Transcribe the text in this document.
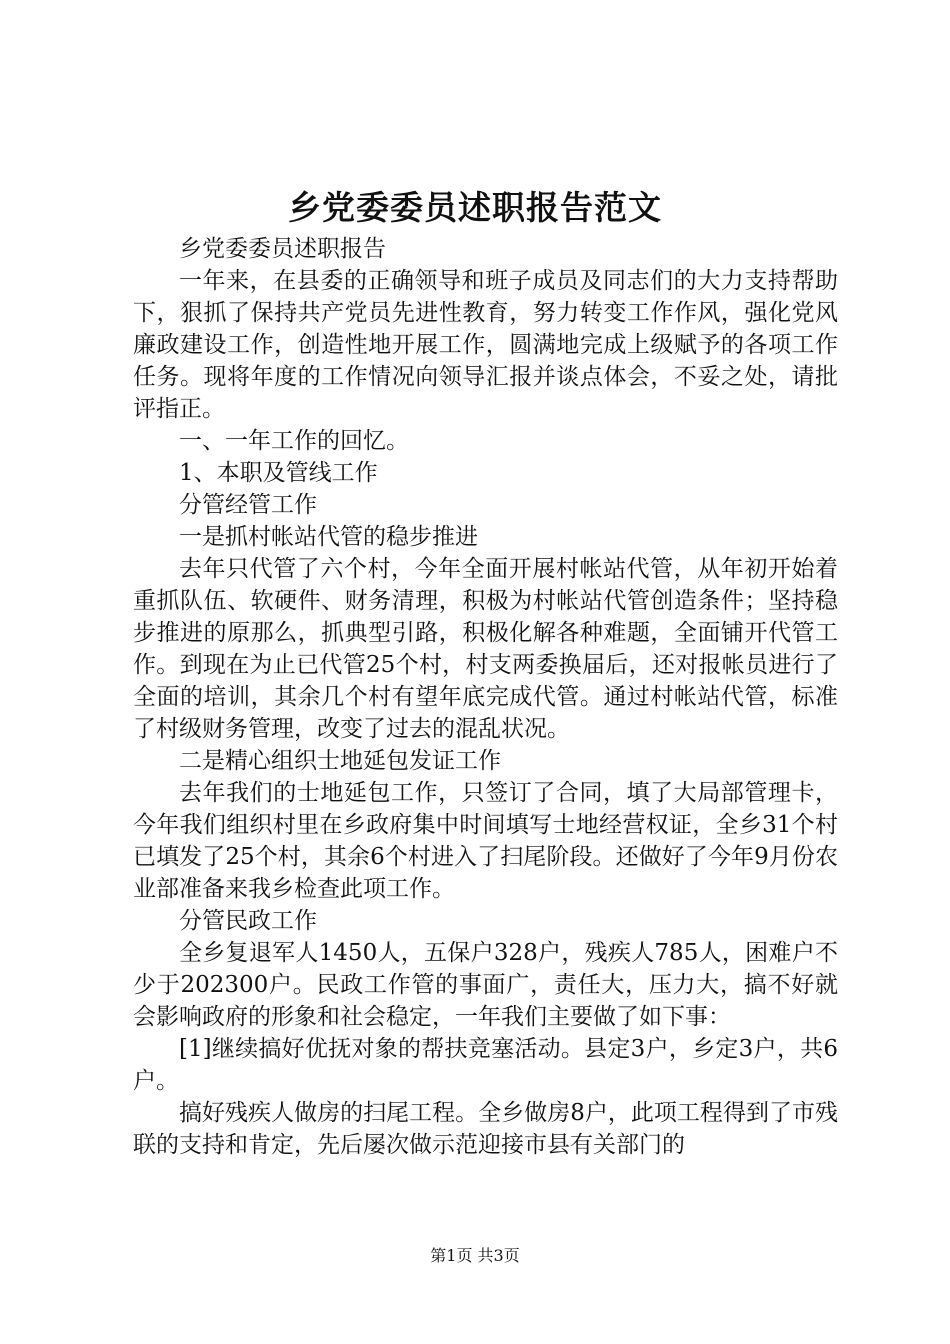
乡党委委员述职报告范文

乡党委委员述职报告

一年来，在县委的正确领导和班子成员及同志们的大力支持帮助下，狠抓了保持共产党员先进性教育，努力转变工作作风，强化党风廉政建设工作，创造性地开展工作，圆满地完成上级赋予的各项工作任务。现将年度的工作情况向领导汇报并谈点体会，不妥之处，请批评指正。

一、一年工作的回忆。

1、本职及管线工作

分管经管工作

一是抓村帐站代管的稳步推进

去年只代管了六个村，今年全面开展村帐站代管，从年初开始着重抓队伍、软硬件、财务清理，积极为村帐站代管创造条件；坚持稳步推进的原那么，抓典型引路，积极化解各种难题，全面铺开代管工作。到现在为止已代管25个村，村支两委换届后，还对报帐员进行了全面的培训，其余几个村有望年底完成代管。通过村帐站代管，标准了村级财务管理，改变了过去的混乱状况。

二是精心组织士地延包发证工作

去年我们的士地延包工作，只签订了合同，填了大局部管理卡，今年我们组织村里在乡政府集中时间填写士地经营权证，全乡31个村已填发了25个村，其余6个村进入了扫尾阶段。还做好了今年9月份农业部准备来我乡检查此项工作。

分管民政工作

全乡复退军人1450人，五保户328户，残疾人785人，困难户不少于202300户。民政工作管的事面广，责任大，压力大，搞不好就会影响政府的形象和社会稳定，一年我们主要做了如下事：

[1]继续搞好优抚对象的帮扶竞塞活动。县定3户，乡定3户，共6户。

搞好残疾人做房的扫尾工程。全乡做房8户，此项工程得到了市残联的支持和肯定，先后屡次做示范迎接市县有关部门的

第1页 共3页
